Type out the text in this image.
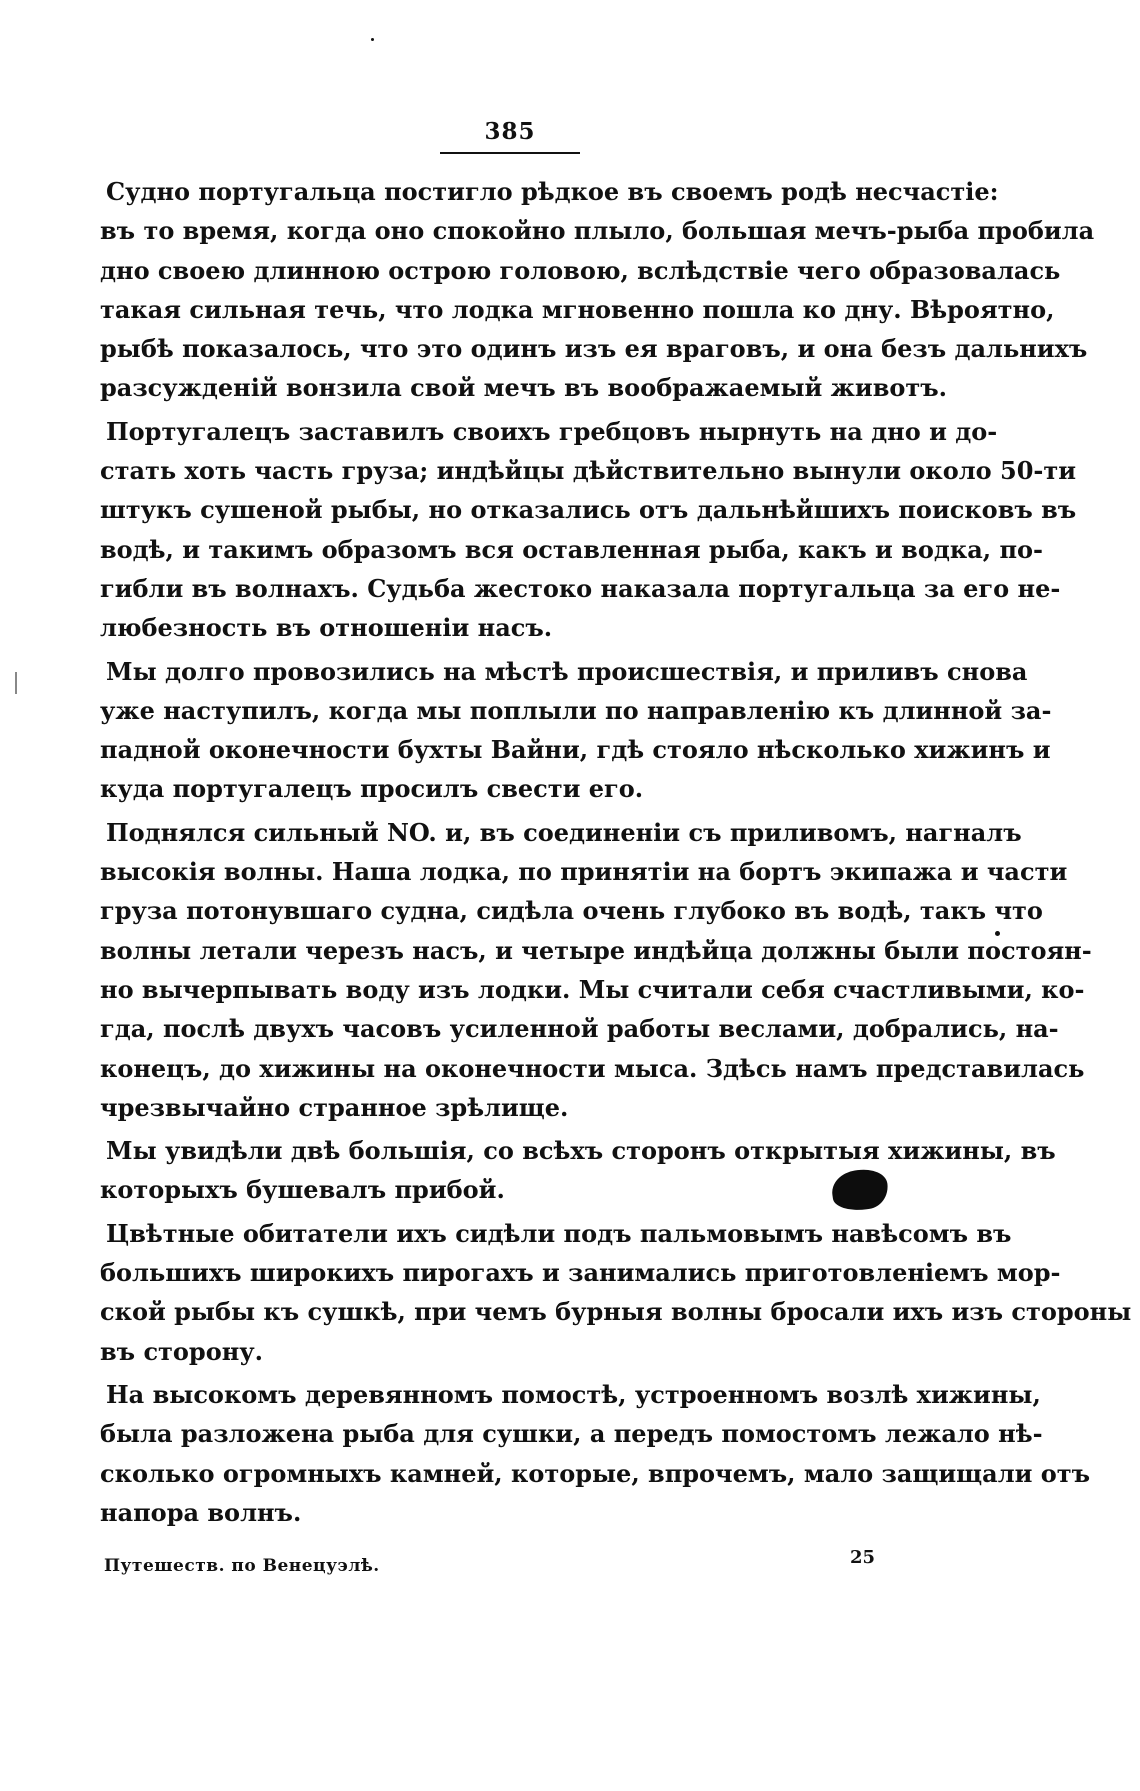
385
Судно португальца постигло рѣдкое въ своемъ родѣ несчастіе:
въ то время, когда оно спокойно плыло, большая мечъ-рыба пробила
дно своею длинною острою головою, вслѣдствіе чего образовалась
такая сильная течь, что лодка мгновенно пошла ко дну. Вѣроятно,
рыбѣ показалось, что это одинъ изъ ея враговъ, и она безъ дальнихъ
разсужденій вонзила свой мечъ въ воображаемый животъ.
Португалецъ заставилъ своихъ гребцовъ нырнуть на дно и до-
стать хоть часть груза; индѣйцы дѣйствительно вынули около 50-ти
штукъ сушеной рыбы, но отказались отъ дальнѣйшихъ поисковъ въ
водѣ, и такимъ образомъ вся оставленная рыба, какъ и водка, по-
гибли въ волнахъ. Судьба жестоко наказала португальца за его не-
любезность въ отношеніи насъ.
Мы долго провозились на мѣстѣ происшествія, и приливъ снова
уже наступилъ, когда мы поплыли по направленію къ длинной за-
падной оконечности бухты Вайни, гдѣ стояло нѣсколько хижинъ и
куда португалецъ просилъ свести его.
Поднялся сильный NO. и, въ соединеніи съ приливомъ, нагналъ
высокія волны. Наша лодка, по принятіи на бортъ экипажа и части
груза потонувшаго судна, сидѣла очень глубоко въ водѣ, такъ что
волны летали черезъ насъ, и четыре индѣйца должны были постоян-
но вычерпывать воду изъ лодки. Мы считали себя счастливыми, ко-
гда, послѣ двухъ часовъ усиленной работы веслами, добрались, на-
конецъ, до хижины на оконечности мыса. Здѣсь намъ представилась
чрезвычайно странное зрѣлище.
Мы увидѣли двѣ большія, со всѣхъ сторонъ открытыя хижины, въ
которыхъ бушевалъ прибой.
Цвѣтные обитатели ихъ сидѣли подъ пальмовымъ навѣсомъ въ
большихъ широкихъ пирогахъ и занимались приготовленіемъ мор-
ской рыбы къ сушкѣ, при чемъ бурныя волны бросали ихъ изъ стороны
въ сторону.
На высокомъ деревянномъ помостѣ, устроенномъ возлѣ хижины,
была разложена рыба для сушки, а передъ помостомъ лежало нѣ-
сколько огромныхъ камней, которые, впрочемъ, мало защищали отъ
напора волнъ.
Путешеств. по Венецуэлѣ.	25
